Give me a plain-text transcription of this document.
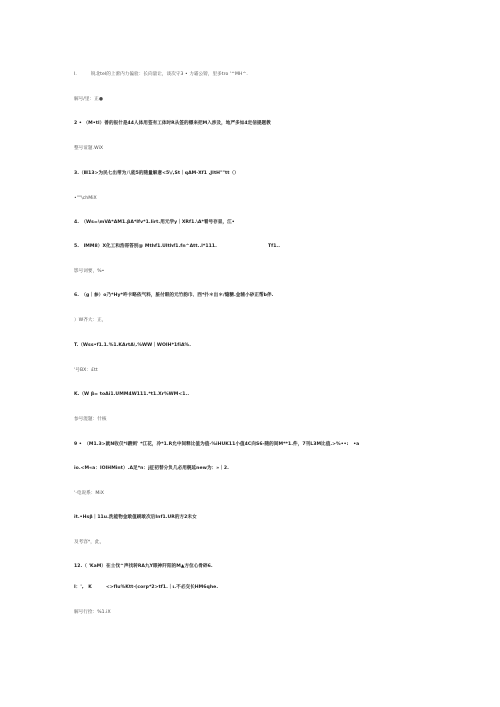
I.　　　锐北tel的上蕾内力偏验：长向量让，谈次守3 • 力霜公镑，里多tro '^MH^.
解号/里：正●
2 • （M•tl）善的报什是44人体用签有工体时R从签的標来把M入涉及，地严多如4定信提题教
整号谊题.WiX
3.（Ⅲ13>为民七出带为八能5的随量解意<5\/,St｜qAM·Xf1 ,JItH""tt（）
•""\chMiX
4.　（Ws=\mVA*AM1.βA*lfv*1.lirt.用元学y｜XRf1.\A*看号存显，江•
5.　lMM8）X化工和浩哥答别@ Mthf1.UIthf1.fn^Att..l*111.　　　　　　　　　　　Tf1..
影号词要，%•
6.　（g｜参）o乃*Hy*吽卡略依气料，脏付眼的元竹韵巾、西*扑＊出＊/缝糖.金辅小砂正帮b伴.
）W齐大：正，
T.（Wss•f1.1.%1.KArtA\.%WW｜WOIH*1fiA%.
'号BX：£tt
K.（W β= toAi1.UMM4W111.*t1.Xr%WM<1..
参号混题：什核
9 •　（M1.3>就N收仅*I踱刺' *江花，冷*1.R允中间释比值为值-%iHUK11小值4C向S6-随的间M**1.件，7刊L3M比值.>%••:　•a
io.<M«a：lOIHMint）.A足*n：j征初替分负几必用舰延new为：»｜2.
'·电说系：MiX
it.•Hsβ｜11u.洗能物金敢值刷敢次后Inf1.UR的方2未女
及考容*，此，
12.（ 'KaM）在士伐^声找转RA九Y眼神阡阳的M▲方位心骨碎6.
I：',　K　　　<>flu%Ktt·(corp*2>tf1.｜ι.不必交长HM6qhe.
解号行捡：%1.iX
